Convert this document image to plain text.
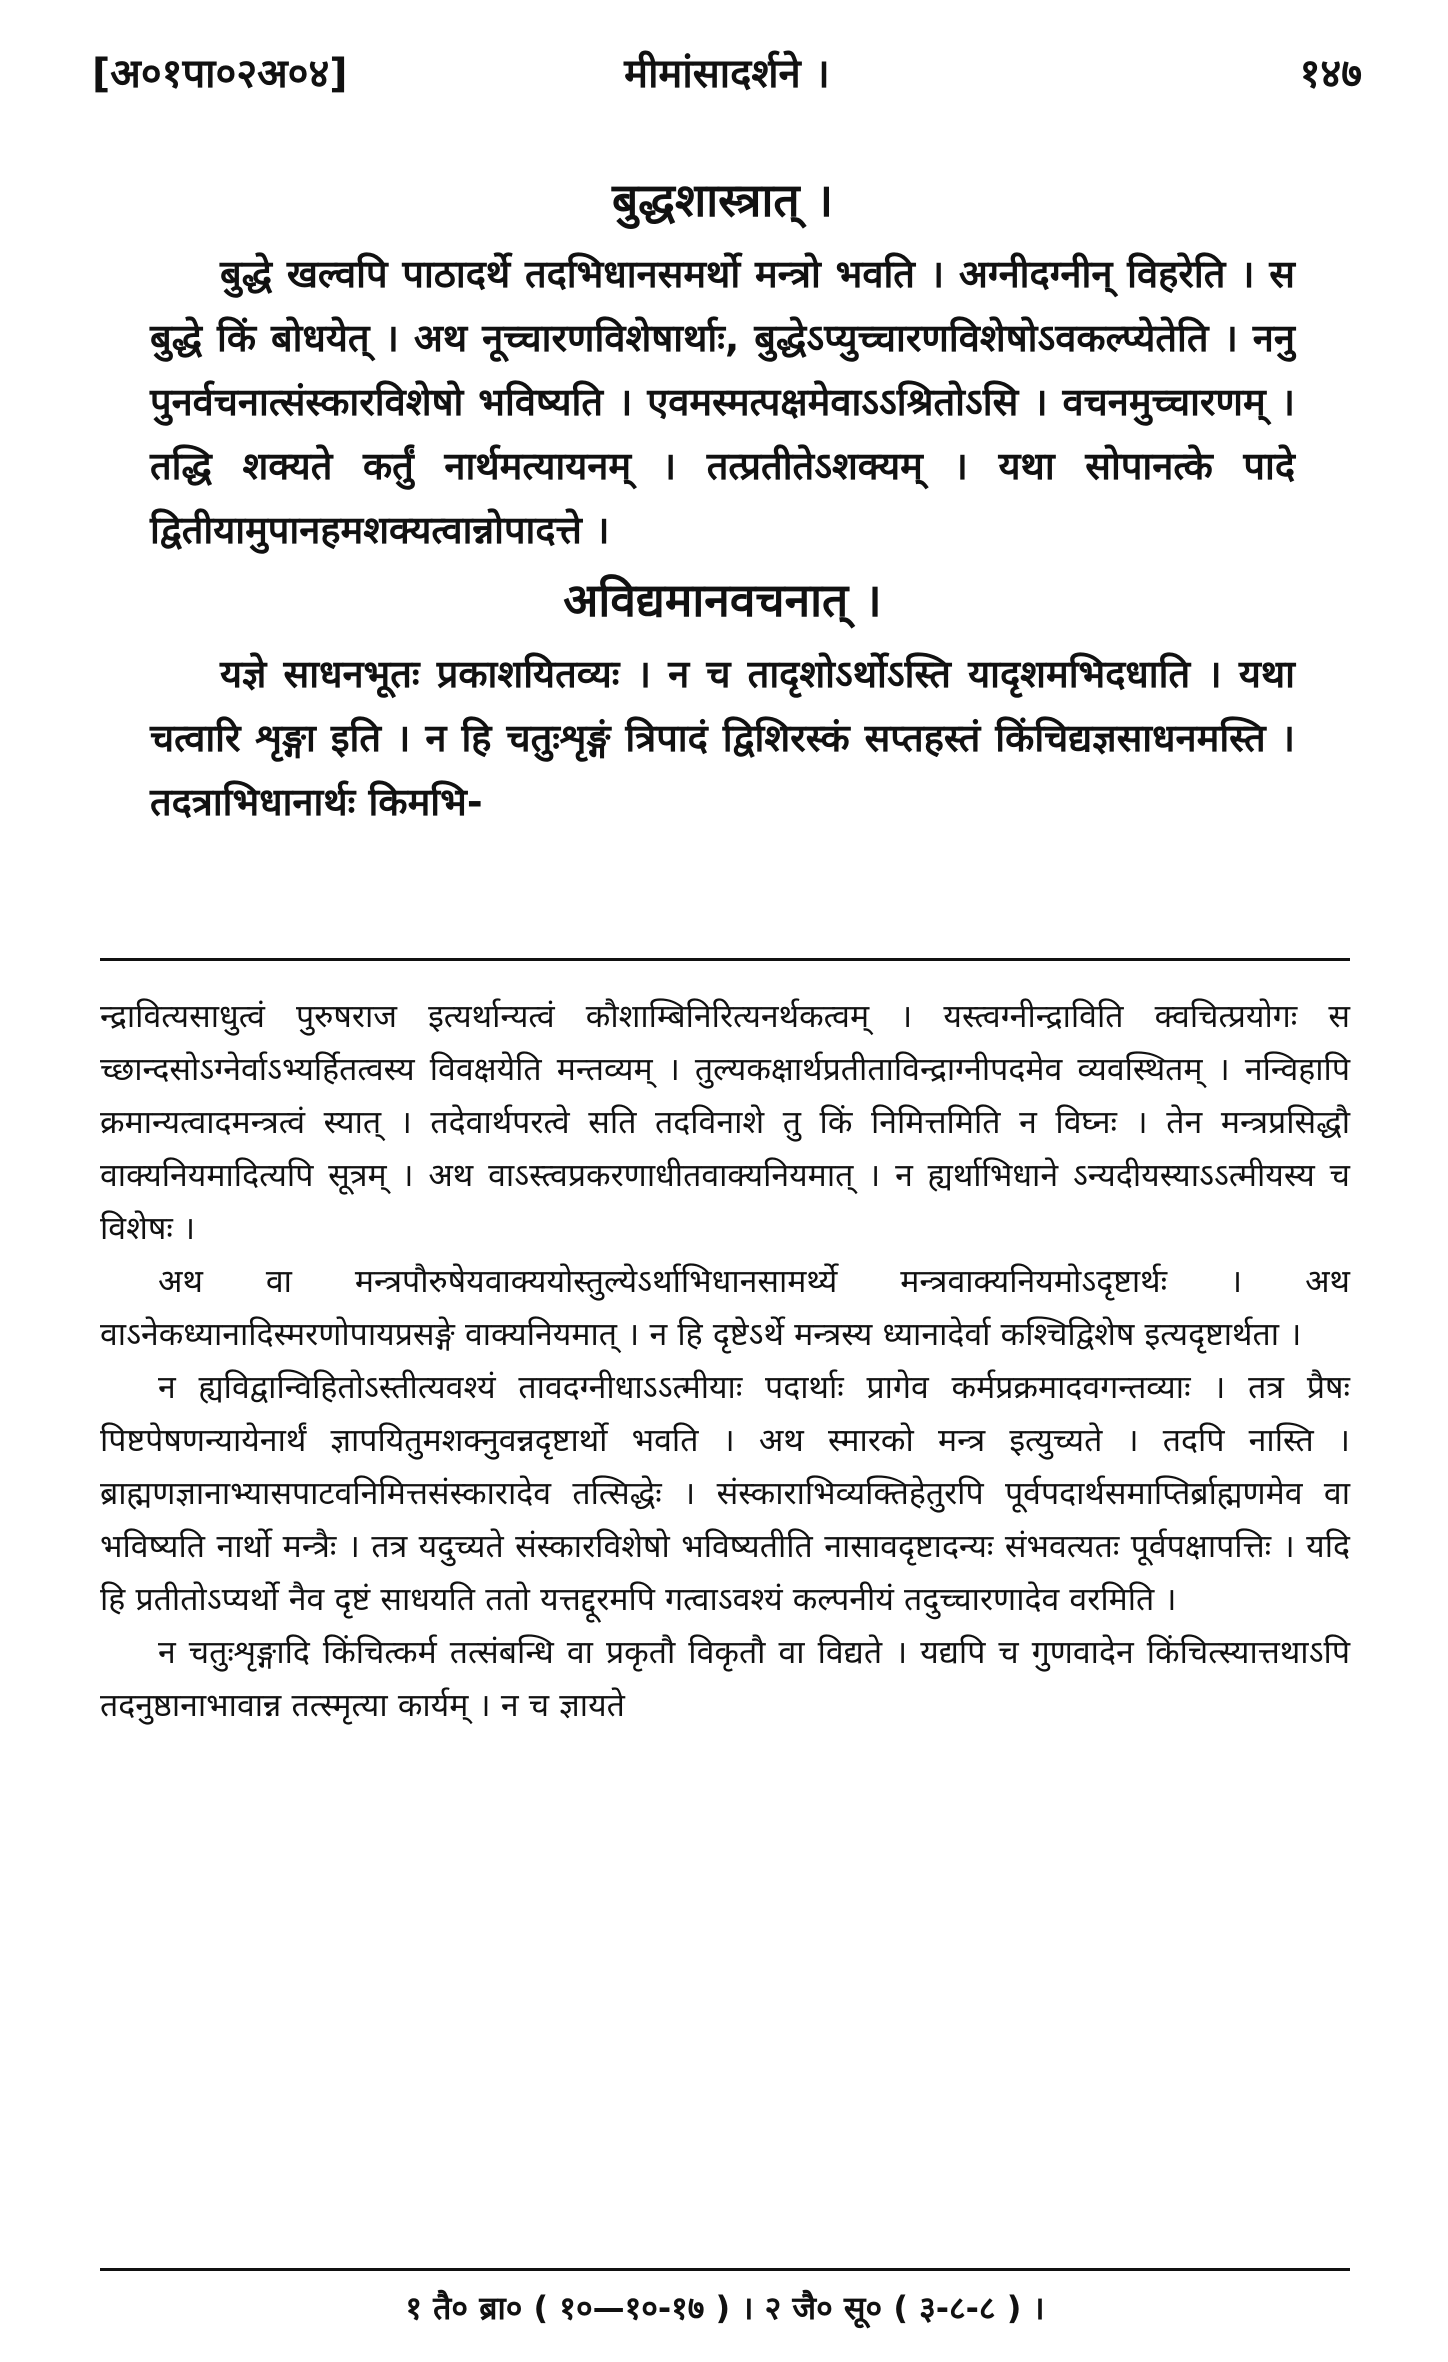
[अ०१पा०२अ०४]	मीमांसादर्शने ।	१४७
बुद्धशास्त्रात् ।

बुद्धे खल्वपि पाठादर्थे तदभिधानसमर्थो मन्त्रो भवति । अग्नीदग्नीन् विहरेति । स बुद्धे किं बोधयेत् । अथ नूच्चारणविशेषार्थाः, बुद्धेऽप्युच्चारणविशेषोऽवकल्प्येतेति । ननु पुनर्वचनात्संस्कारविशेषो भविष्यति । एवमस्मत्पक्षमेवाऽऽश्रितोऽसि । वचनमुच्चारणम् । तद्धि शक्यते कर्तुं नार्थमत्यायनम् । तत्प्रतीतेऽशक्यम् । यथा सोपानत्के पादे द्वितीयामुपानहमशक्यत्वान्नोपादत्ते ।

अविद्यमानवचनात् ।

यज्ञे साधनभूतः प्रकाशयितव्यः । न च तादृशोऽर्थोऽस्ति यादृशमभिदधाति । यथा चत्वारि शृङ्गा इति । न हि चतुःशृङ्गं त्रिपादं द्विशिरस्कं सप्तहस्तं किंचिद्यज्ञसाधनमस्ति । तदत्राभिधानार्थः किमभि-

न्द्रावित्यसाधुत्वं पुरुषराज इत्यर्थान्यत्वं कौशाम्बिनिरित्यनर्थकत्वम् । यस्त्वग्नीन्द्राविति क्वचित्प्रयोगः स च्छान्दसोऽग्नेर्वाऽभ्यर्हितत्वस्य विवक्षयेति मन्तव्यम् । तुल्यकक्षार्थप्रतीताविन्द्राग्नीपदमेव व्यवस्थितम् । नन्विहापि क्रमान्यत्वादमन्त्रत्वं स्यात् । तदेवार्थपरत्वे सति तदविनाशे तु किं निमित्तमिति न विघ्नः । तेन मन्त्रप्रसिद्धौ वाक्यनियमादित्यपि सूत्रम् । अथ वाऽस्त्वप्रकरणाधीतवाक्यनियमात् । न ह्यर्थाभिधाने ऽन्यदीयस्याऽऽत्मीयस्य च विशेषः ।

अथ वा मन्त्रपौरुषेयवाक्ययोस्तुल्येऽर्थाभिधानसामर्थ्ये मन्त्रवाक्यनियमोऽदृष्टार्थः । अथ वाऽनेकध्यानादिस्मरणोपायप्रसङ्गे वाक्यनियमात् । न हि दृष्टेऽर्थे मन्त्रस्य ध्यानादेर्वा कश्चिद्विशेष इत्यदृष्टार्थता ।

न ह्यविद्वान्विहितोऽस्तीत्यवश्यं तावदग्नीधाऽऽत्मीयाः पदार्थाः प्रागेव कर्मप्रक्रमादवगन्तव्याः । तत्र प्रैषः पिष्टपेषणन्यायेनार्थं ज्ञापयितुमशक्नुवन्नदृष्टार्थो भवति । अथ स्मारको मन्त्र इत्युच्यते । तदपि नास्ति । ब्राह्मणज्ञानाभ्यासपाटवनिमित्तसंस्कारादेव तत्सिद्धेः । संस्काराभिव्यक्तिहेतुरपि पूर्वपदार्थसमाप्तिर्ब्राह्मणमेव वा भविष्यति नार्थो मन्त्रैः । तत्र यदुच्यते संस्कारविशेषो भविष्यतीति नासावदृष्टादन्यः संभवत्यतः पूर्वपक्षापत्तिः । यदि हि प्रतीतोऽप्यर्थो नैव दृष्टं साधयति ततो यत्तद्दूरमपि गत्वाऽवश्यं कल्पनीयं तदुच्चारणादेव वरमिति ।

न चतुःशृङ्गादि किंचित्कर्म तत्संबन्धि वा प्रकृतौ विकृतौ वा विद्यते । यद्यपि च गुणवादेन किंचित्स्यात्तथाऽपि तदनुष्ठानाभावान्न तत्स्मृत्या कार्यम् । न च ज्ञायते

१ तै० ब्रा० ( १०—१०-१७ ) । २ जै० सू० ( ३-८-८ ) ।
